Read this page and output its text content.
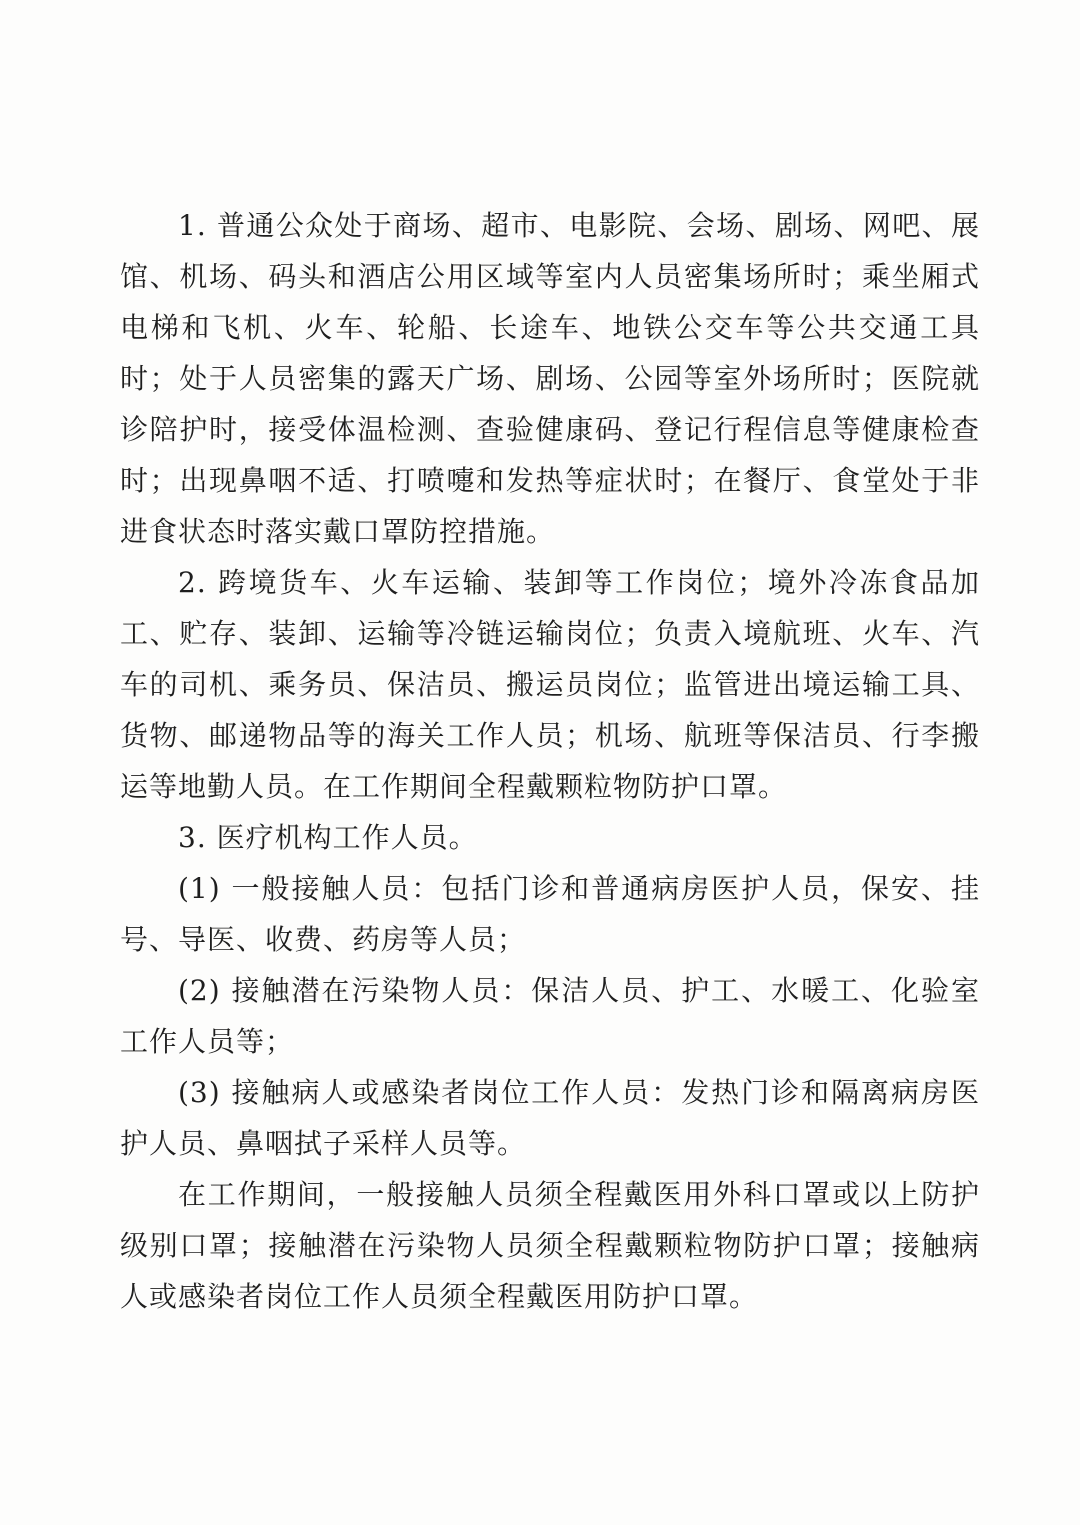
1. 普通公众处于商场、超市、电影院、会场、剧场、网吧、展馆、机场、码头和酒店公用区域等室内人员密集场所时；乘坐厢式电梯和飞机、火车、轮船、长途车、地铁公交车等公共交通工具时；处于人员密集的露天广场、剧场、公园等室外场所时；医院就诊陪护时，接受体温检测、查验健康码、登记行程信息等健康检查时；出现鼻咽不适、打喷嚏和发热等症状时；在餐厅、食堂处于非进食状态时落实戴口罩防控措施。

2. 跨境货车、火车运输、装卸等工作岗位；境外冷冻食品加工、贮存、装卸、运输等冷链运输岗位；负责入境航班、火车、汽车的司机、乘务员、保洁员、搬运员岗位；监管进出境运输工具、货物、邮递物品等的海关工作人员；机场、航班等保洁员、行李搬运等地勤人员。在工作期间全程戴颗粒物防护口罩。

3. 医疗机构工作人员。

(1) 一般接触人员：包括门诊和普通病房医护人员，保安、挂号、导医、收费、药房等人员；

(2) 接触潜在污染物人员：保洁人员、护工、水暖工、化验室工作人员等；

(3) 接触病人或感染者岗位工作人员：发热门诊和隔离病房医护人员、鼻咽拭子采样人员等。

在工作期间，一般接触人员须全程戴医用外科口罩或以上防护级别口罩；接触潜在污染物人员须全程戴颗粒物防护口罩；接触病人或感染者岗位工作人员须全程戴医用防护口罩。
